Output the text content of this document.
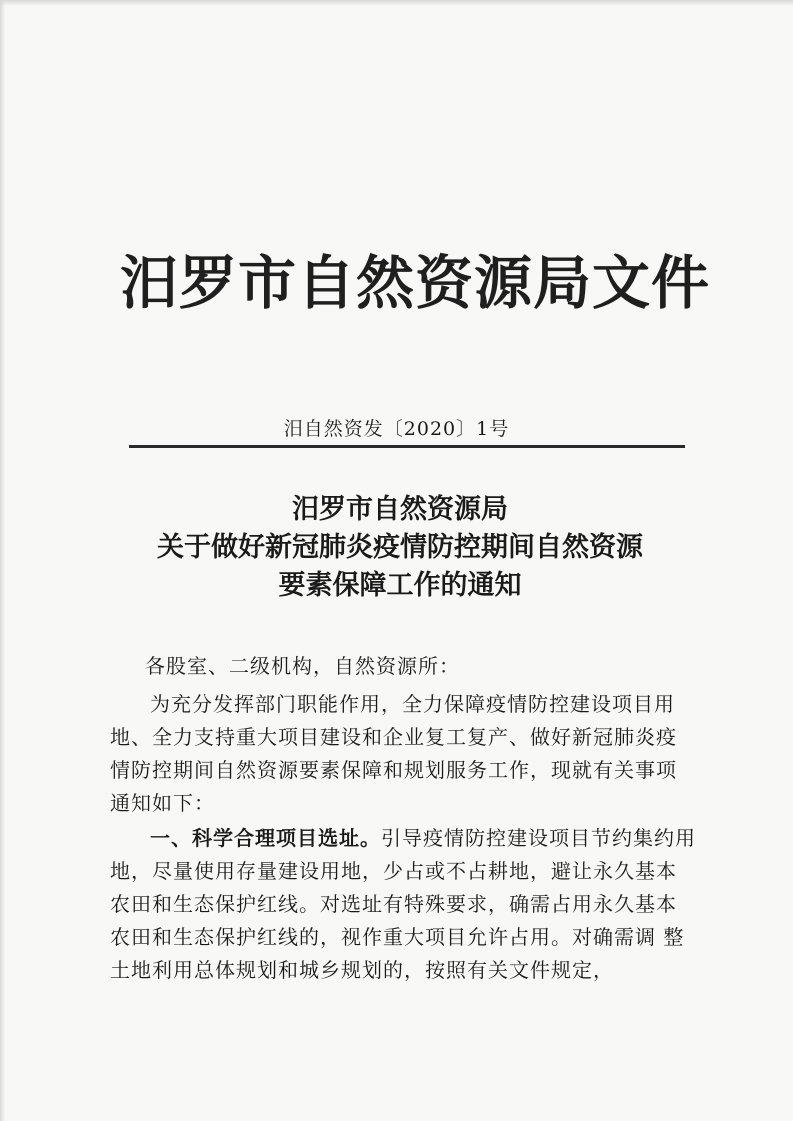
汨罗市自然资源局文件
汨自然资发〔2020〕1号
汨罗市自然资源局
关于做好新冠肺炎疫情防控期间自然资源
要素保障工作的通知
各股室、二级机构，自然资源所：
为充分发挥部门职能作用，全力保障疫情防控建设项目用地、全力支持重大项目建设和企业复工复产、做好新冠肺炎疫情防控期间自然资源要素保障和规划服务工作，现就有关事项通知如下：
一、科学合理项目选址。引导疫情防控建设项目节约集约用地，尽量使用存量建设用地，少占或不占耕地，避让永久基本农田和生态保护红线。对选址有特殊要求，确需占用永久基本农田和生态保护红线的，视作重大项目允许占用。对确需调 整土地利用总体规划和城乡规划的，按照有关文件规定，
